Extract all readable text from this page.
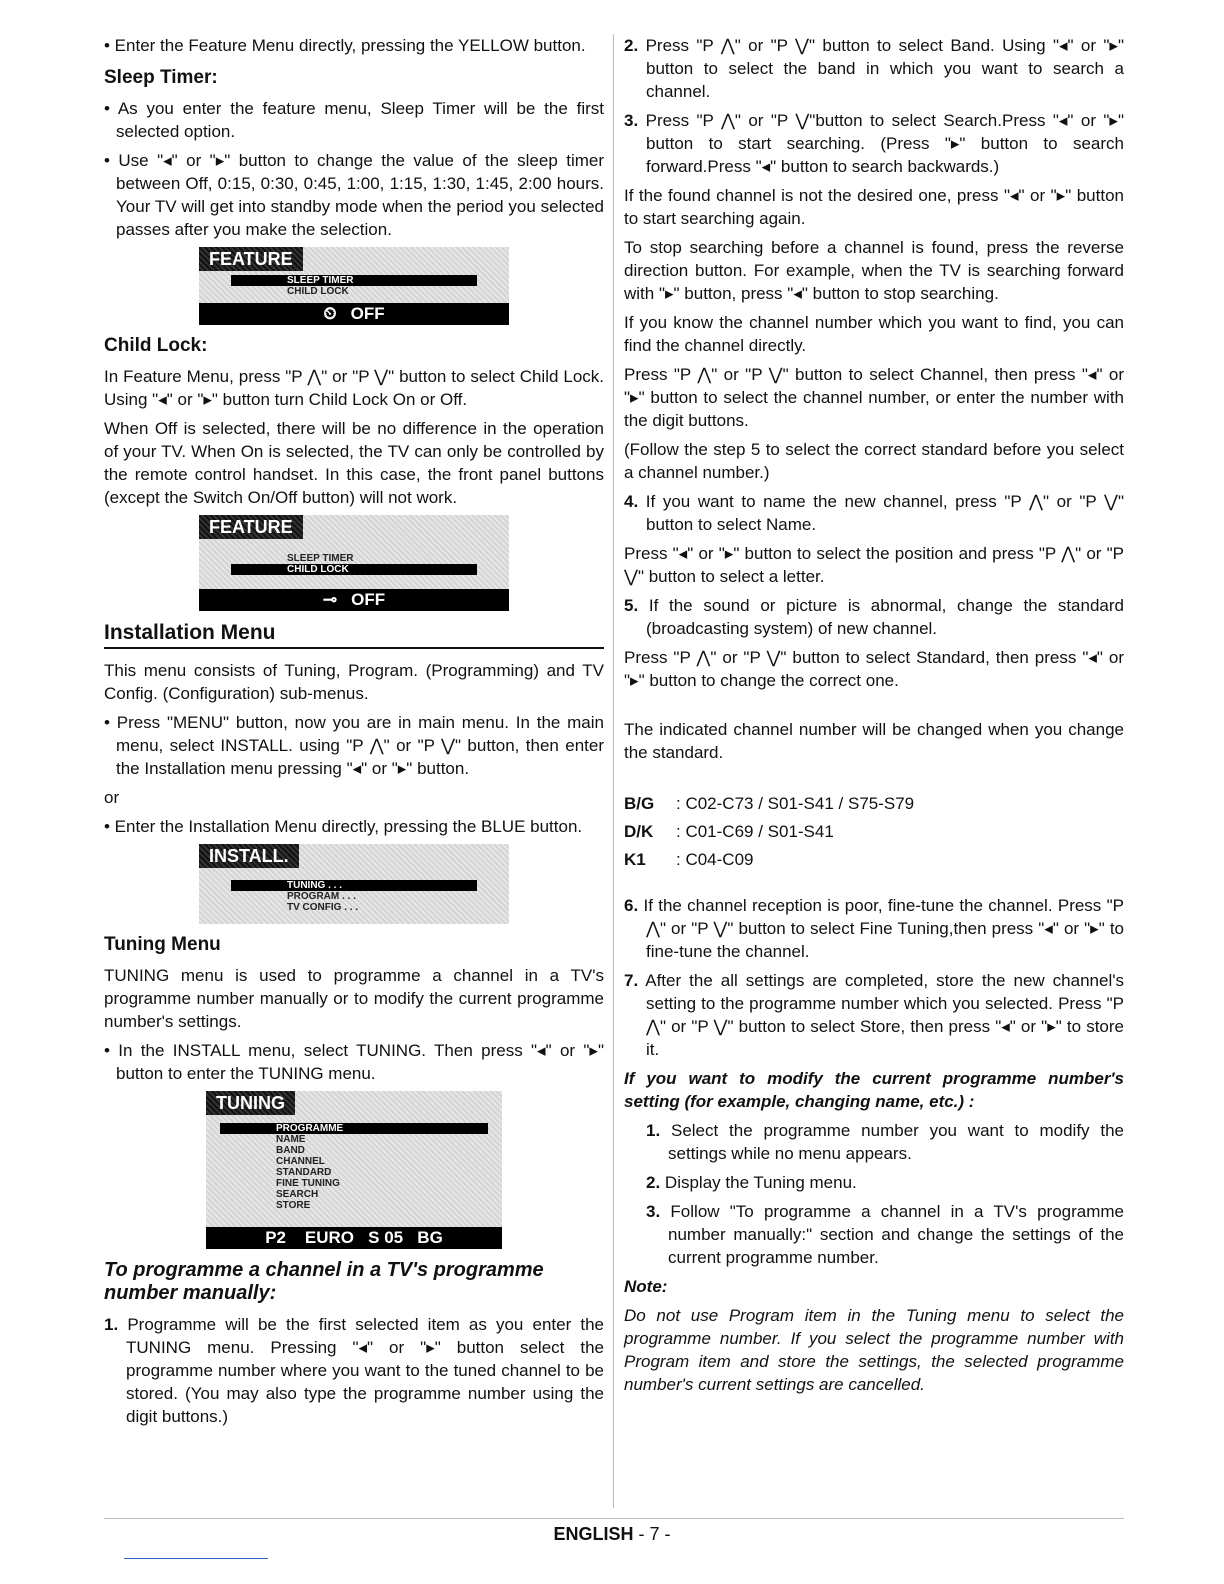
• Enter the Feature Menu directly, pressing the YELLOW button.

Sleep Timer:

• As you enter the feature menu, Sleep Timer will be the first selected option.

• Use "◂" or "▸" button to change the value of the sleep timer between Off, 0:15, 0:30, 0:45, 1:00, 1:15, 1:30, 1:45, 2:00 hours. Your TV will get into standby mode when the period you selected passes after you make the selection.

FEATURE
SLEEP TIMER
CHILD LOCK
⏲ OFF
Child Lock:

In Feature Menu, press "P ⋀" or "P ⋁" button to select Child Lock. Using "◂" or "▸" button turn Child Lock On or Off.

When Off is selected, there will be no difference in the operation of your TV. When On is selected, the TV can only be controlled by the remote control handset. In this case, the front panel buttons (except the Switch On/Off button) will not work.

FEATURE
SLEEP TIMER
CHILD LOCK
⊸ OFF
Installation Menu

This menu consists of Tuning, Program. (Programming) and TV Config. (Configuration) sub-menus.

• Press "MENU" button, now you are in main menu. In the main menu, select INSTALL. using "P ⋀" or "P ⋁" button, then enter the Installation menu pressing "◂" or "▸" button.

or

• Enter the Installation Menu directly, pressing the BLUE button.

INSTALL.
TUNING . . .
PROGRAM . . .
TV CONFIG . . .
Tuning Menu

TUNING menu is used to programme a channel in a TV's programme number manually or to modify the current programme number's settings.

• In the INSTALL menu, select TUNING. Then press "◂" or "▸" button to enter the TUNING menu.

TUNING
PROGRAMME
NAME
BAND
CHANNEL
STANDARD
FINE TUNING
SEARCH
STORE
P2    EURO   S 05   BG
To programme a channel in a TV's programme number manually:

1. Programme will be the first selected item as you enter the TUNING menu. Pressing "◂" or "▸" button select the programme number where you want to the tuned channel to be stored. (You may also type the programme number using the digit buttons.)

2. Press "P ⋀" or "P ⋁" button to select Band. Using "◂" or "▸" button to select the band in which you want to search a channel.

3. Press "P ⋀" or "P ⋁"button to select Search.Press "◂" or "▸" button to start searching. (Press "▸" button to search forward.Press "◂" button to search backwards.)

If the found channel is not the desired one, press "◂" or "▸" button to start searching again.

To stop searching before a channel is found, press the reverse direction button. For example, when the TV is searching forward with "▸" button, press "◂" button to stop searching.

If you know the channel number which you want to find, you can find the channel directly.

Press "P ⋀" or "P ⋁" button to select Channel, then press "◂" or "▸" button to select the channel number, or enter the number with the digit buttons.

(Follow the step 5 to select the correct standard before you select a channel number.)

4. If you want to name the new channel, press "P ⋀" or "P ⋁" button to select Name.

Press "◂" or "▸" button to select the position and press "P ⋀" or "P ⋁" button to select a letter.

5. If the sound or picture is abnormal, change the standard (broadcasting system) of new channel.

Press "P ⋀" or "P ⋁" button to select Standard, then press "◂" or "▸" button to change the correct one.

The indicated channel number will be changed when you change the standard.

B/G	: C02-C73 / S01-S41 / S75-S79
D/K	: C01-C69 / S01-S41
K1	: C04-C09

6. If the channel reception is poor, fine-tune the channel. Press "P ⋀" or "P ⋁" button to select Fine Tuning,then press "◂" or "▸" to fine-tune the channel.

7. After the all settings are completed, store the new channel's setting to the programme number which you selected. Press "P ⋀" or "P ⋁" button to select Store, then press "◂" or "▸" to store it.

If you want to modify the current programme number's setting (for example, changing name, etc.) :

1. Select the programme number you want to modify the settings while no menu appears.

2. Display the Tuning menu.

3. Follow "To programme a channel in a TV's programme number manually:" section and change the settings of the current programme number.

Note:

Do not use Program item in the Tuning menu to select the programme number. If you select the programme number with Program item and store the settings, the selected programme number's current settings are cancelled.

ENGLISH - 7 -
